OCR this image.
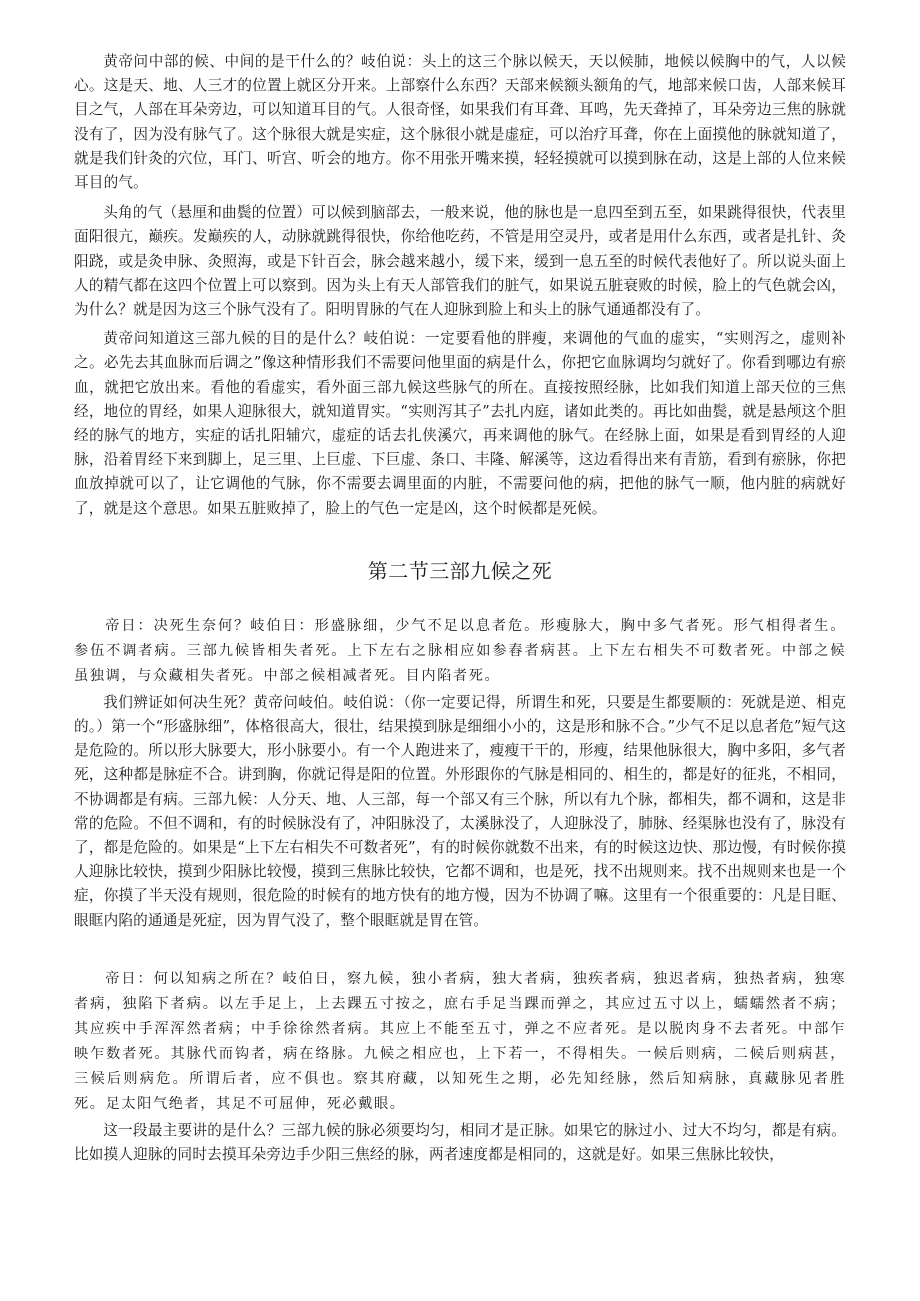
黄帝问中部的候、中间的是干什么的？岐伯说：头上的这三个脉以候天，天以候肺，地候以候胸中的气，人以候心。这是天、地、人三才的位置上就区分开来。上部察什么东西？天部来候额头额角的气，地部来候口齿，人部来候耳目之气，人部在耳朵旁边，可以知道耳目的气。人很奇怪，如果我们有耳聋、耳鸣，先天聋掉了，耳朵旁边三焦的脉就没有了，因为没有脉气了。这个脉很大就是实症，这个脉很小就是虚症，可以治疗耳聋，你在上面摸他的脉就知道了，就是我们针灸的穴位，耳门、听宫、听会的地方。你不用张开嘴来摸，轻轻摸就可以摸到脉在动，这是上部的人位来候耳目的气。

头角的气（悬厘和曲鬓的位置）可以候到脑部去，一般来说，他的脉也是一息四至到五至，如果跳得很快，代表里面阳很亢，巅疾。发巅疾的人，动脉就跳得很快，你给他吃药，不管是用空灵丹，或者是用什么东西，或者是扎针、灸阳跷，或是灸申脉、灸照海，或是下针百会，脉会越来越小，缓下来，缓到一息五至的时候代表他好了。所以说头面上人的精气都在这四个位置上可以察到。因为头上有天人部管我们的脏气，如果说五脏衰败的时候，脸上的气色就会凶，为什么？就是因为这三个脉气没有了。阳明胃脉的气在人迎脉到脸上和头上的脉气通通都没有了。

黄帝问知道这三部九候的目的是什么？岐伯说：一定要看他的胖瘦，来调他的气血的虚实，“实则泻之，虚则补之。必先去其血脉而后调之”像这种情形我们不需要问他里面的病是什么，你把它血脉调均匀就好了。你看到哪边有瘀血，就把它放出来。看他的看虚实，看外面三部九候这些脉气的所在。直接按照经脉，比如我们知道上部天位的三焦经，地位的胃经，如果人迎脉很大，就知道胃实。“实则泻其子”去扎内庭，诸如此类的。再比如曲鬓，就是悬颅这个胆经的脉气的地方，实症的话扎阳辅穴，虚症的话去扎侠溪穴，再来调他的脉气。在经脉上面，如果是看到胃经的人迎脉，沿着胃经下来到脚上，足三里、上巨虚、下巨虚、条口、丰隆、解溪等，这边看得出来有青筋，看到有瘀脉，你把血放掉就可以了，让它调他的气脉，你不需要去调里面的内脏，不需要问他的病，把他的脉气一顺，他内脏的病就好了，就是这个意思。如果五脏败掉了，脸上的气色一定是凶，这个时候都是死候。

第二节三部九候之死

帝日：决死生奈何？岐伯日：形盛脉细，少气不足以息者危。形瘦脉大，胸中多气者死。形气相得者生。参伍不调者病。三部九候皆相失者死。上下左右之脉相应如参舂者病甚。上下左右相失不可数者死。中部之候虽独调，与众藏相失者死。中部之候相减者死。目内陷者死。

我们辨证如何决生死？黄帝问岐伯。岐伯说：（你一定要记得，所谓生和死，只要是生都要顺的：死就是逆、相克的。）第一个“形盛脉细”，体格很高大，很壮，结果摸到脉是细细小小的，这是形和脉不合。”少气不足以息者危”短气这是危险的。所以形大脉要大，形小脉要小。有一个人跑进来了，瘦瘦干干的，形瘦，结果他脉很大，胸中多阳，多气者死，这种都是脉症不合。讲到胸，你就记得是阳的位置。外形跟你的气脉是相同的、相生的，都是好的征兆，不相同，不协调都是有病。三部九候：人分天、地、人三部，每一个部又有三个脉，所以有九个脉，都相失，都不调和，这是非常的危险。不但不调和，有的时候脉没有了，冲阳脉没了，太溪脉没了，人迎脉没了，肺脉、经渠脉也没有了，脉没有了，都是危险的。如果是“上下左右相失不可数者死”，有的时候你就数不出来，有的时候这边快、那边慢，有时候你摸人迎脉比较快，摸到少阳脉比较慢，摸到三焦脉比较快，它都不调和，也是死，找不出规则来。找不出规则来也是一个症，你摸了半天没有规则，很危险的时候有的地方快有的地方慢，因为不协调了嘛。这里有一个很重要的：凡是目眶、眼眶内陷的通通是死症，因为胃气没了，整个眼眶就是胃在管。

帝日：何以知病之所在？岐伯日，察九候，独小者病，独大者病，独疾者病，独迟者病，独热者病，独寒者病，独陷下者病。以左手足上，上去踝五寸按之，庶右手足当踝而弹之，其应过五寸以上，蠕蠕然者不病；其应疾中手浑浑然者病；中手徐徐然者病。其应上不能至五寸，弹之不应者死。是以脱肉身不去者死。中部乍映乍数者死。其脉代而钩者，病在络脉。九候之相应也，上下若一，不得相失。一候后则病，二候后则病甚，三候后则病危。所谓后者，应不俱也。察其府藏，以知死生之期，必先知经脉，然后知病脉，真藏脉见者胜死。足太阳气绝者，其足不可屈伸，死必戴眼。

这一段最主要讲的是什么？三部九候的脉必须要均匀，相同才是正脉。如果它的脉过小、过大不均匀，都是有病。比如摸人迎脉的同时去摸耳朵旁边手少阳三焦经的脉，两者速度都是相同的，这就是好。如果三焦脉比较快，
